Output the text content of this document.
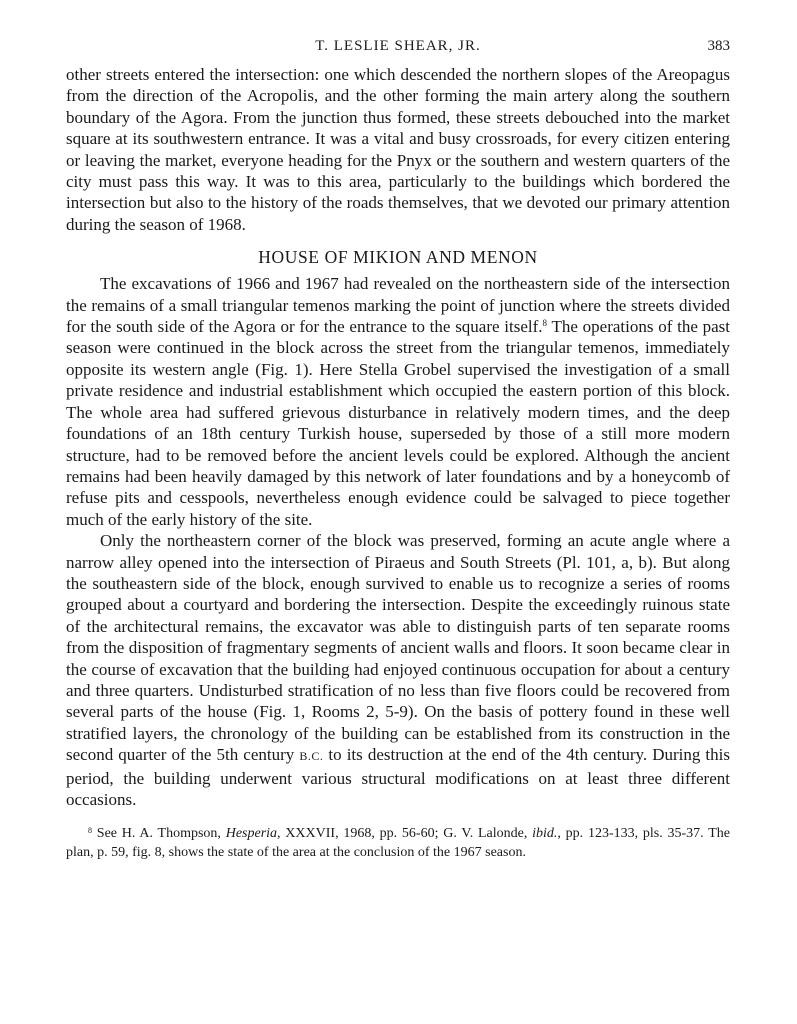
T. LESLIE SHEAR, JR.	383

other streets entered the intersection: one which descended the northern slopes of the Areopagus from the direction of the Acropolis, and the other forming the main artery along the southern boundary of the Agora. From the junction thus formed, these streets debouched into the market square at its southwestern entrance. It was a vital and busy crossroads, for every citizen entering or leaving the market, everyone heading for the Pnyx or the southern and western quarters of the city must pass this way. It was to this area, particularly to the buildings which bordered the intersection but also to the history of the roads themselves, that we devoted our primary attention during the season of 1968.

HOUSE OF MIKION AND MENON

The excavations of 1966 and 1967 had revealed on the northeastern side of the intersection the remains of a small triangular temenos marking the point of junction where the streets divided for the south side of the Agora or for the entrance to the square itself.$^8$ The operations of the past season were continued in the block across the street from the triangular temenos, immediately opposite its western angle (Fig. 1). Here Stella Grobel supervised the investigation of a small private residence and industrial establishment which occupied the eastern portion of this block. The whole area had suffered grievous disturbance in relatively modern times, and the deep foundations of an 18th century Turkish house, superseded by those of a still more modern structure, had to be removed before the ancient levels could be explored. Although the ancient remains had been heavily damaged by this network of later foundations and by a honeycomb of refuse pits and cesspools, nevertheless enough evidence could be salvaged to piece together much of the early history of the site.

Only the northeastern corner of the block was preserved, forming an acute angle where a narrow alley opened into the intersection of Piraeus and South Streets (Pl. 101, a, b). But along the southeastern side of the block, enough survived to enable us to recognize a series of rooms grouped about a courtyard and bordering the intersection. Despite the exceedingly ruinous state of the architectural remains, the excavator was able to distinguish parts of ten separate rooms from the disposition of fragmentary segments of ancient walls and floors. It soon became clear in the course of excavation that the building had enjoyed continuous occupation for about a century and three quarters. Undisturbed stratification of no less than five floors could be recovered from several parts of the house (Fig. 1, Rooms 2, 5-9). On the basis of pottery found in these well stratified layers, the chronology of the building can be established from its construction in the second quarter of the 5th century B.C. to its destruction at the end of the 4th century. During this period, the building underwent various structural modifications on at least three different occasions.

$^8$ See H. A. Thompson, Hesperia, XXXVII, 1968, pp. 56-60; G. V. Lalonde, ibid., pp. 123-133, pls. 35-37. The plan, p. 59, fig. 8, shows the state of the area at the conclusion of the 1967 season.
